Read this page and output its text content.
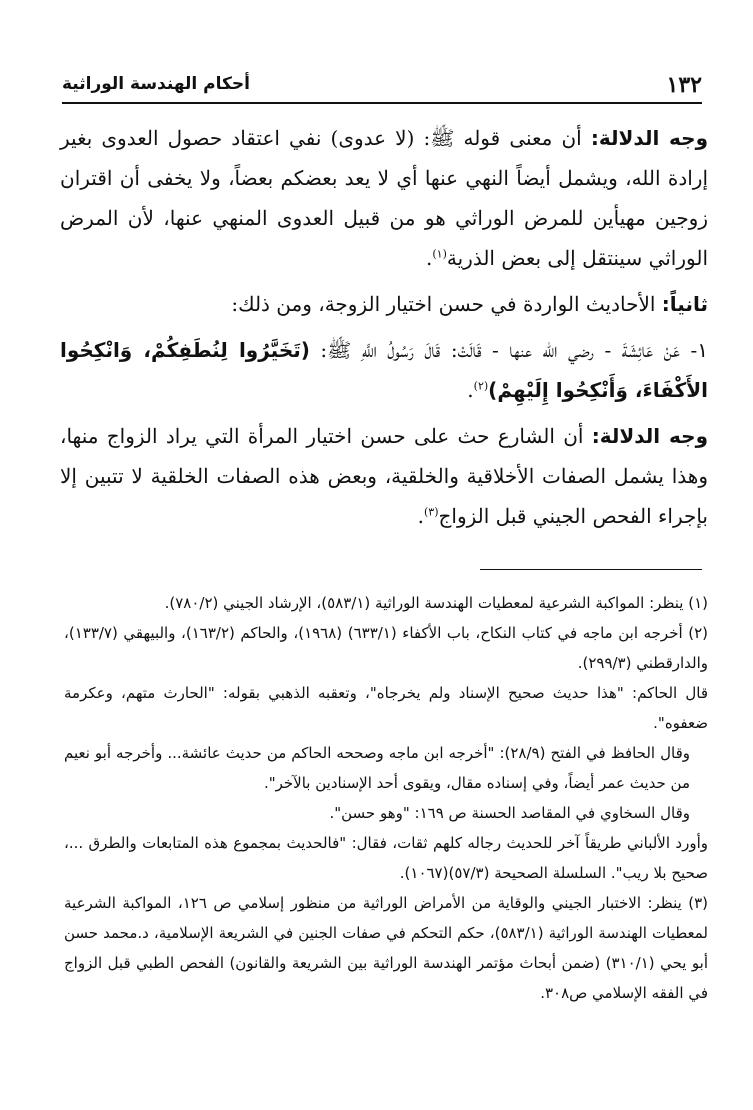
١٣٢
أحكام الهندسة الوراثية

وجه الدلالة: أن معنى قوله ﷺ: (لا عدوى) نفي اعتقاد حصول العدوى بغير إرادة الله، ويشمل أيضاً النهي عنها أي لا يعد بعضكم بعضاً، ولا يخفى أن اقتران زوجين مهيأين للمرض الوراثي هو من قبيل العدوى المنهي عنها، لأن المرض الوراثي سينتقل إلى بعض الذرية$^{(١)}$.

ثانياً: الأحاديث الواردة في حسن اختيار الزوجة، ومن ذلك:

١- عَنْ عَائِشَةَ - رضي الله عنها - قَالَتْ: قَالَ رَسُولُ اللَّهِ ﷺ: (تَخَيَّرُوا لِنُطَفِكُمْ، وَانْكِحُوا الأَكْفَاءَ، وَأَنْكِحُوا إِلَيْهِمْ)$^{(٢)}$.

وجه الدلالة: أن الشارع حث على حسن اختيار المرأة التي يراد الزواج منها، وهذا يشمل الصفات الأخلاقية والخلقية، وبعض هذه الصفات الخلقية لا تتبين إلا بإجراء الفحص الجيني قبل الزواج$^{(٣)}$.

(١) ينظر: المواكبة الشرعية لمعطيات الهندسة الوراثية (٥٨٣/١)، الإرشاد الجيني (٧٨٠/٢).

(٢) أخرجه ابن ماجه في كتاب النكاح، باب الأكفاء (٦٣٣/١) (١٩٦٨)، والحاكم (١٦٣/٢)، والبيهقي (١٣٣/٧)، والدارقطني (٢٩٩/٣).

قال الحاكم: "هذا حديث صحيح الإسناد ولم يخرجاه"، وتعقبه الذهبي بقوله: "الحارث متهم، وعكرمة ضعفوه".

وقال الحافظ في الفتح (٢٨/٩): "أخرجه ابن ماجه وصححه الحاكم من حديث عائشة... وأخرجه أبو نعيم من حديث عمر أيضاً، وفي إسناده مقال، ويقوى أحد الإسنادين بالآخر".

وقال السخاوي في المقاصد الحسنة ص ١٦٩: "وهو حسن".

وأورد الألباني طريقاً آخر للحديث رجاله كلهم ثقات، فقال: "فالحديث بمجموع هذه المتابعات والطرق ...، صحيح بلا ريب". السلسلة الصحيحة (٥٧/٣)(١٠٦٧).

(٣) ينظر: الاختبار الجيني والوقاية من الأمراض الوراثية من منظور إسلامي ص ١٢٦، المواكبة الشرعية لمعطيات الهندسة الوراثية (٥٨٣/١)، حكم التحكم في صفات الجنين في الشريعة الإسلامية، د.محمد حسن أبو يحي (٣١٠/١) (ضمن أبحاث مؤتمر الهندسة الوراثية بين الشريعة والقانون) الفحص الطبي قبل الزواج في الفقه الإسلامي ص٣٠٨.
